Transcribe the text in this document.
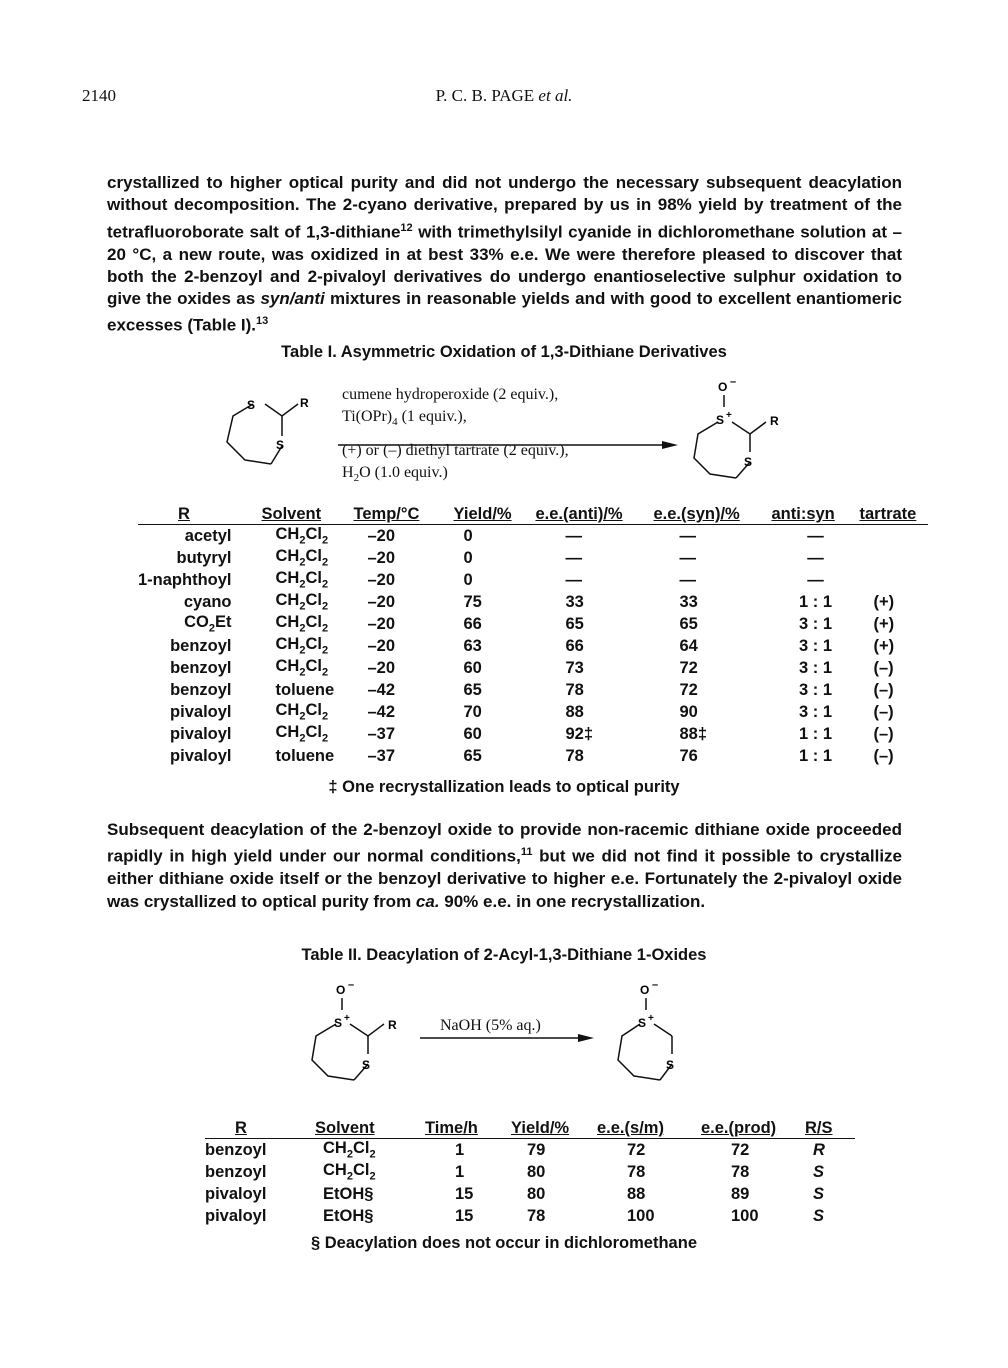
2140	P. C. B. PAGE et al.
crystallized to higher optical purity and did not undergo the necessary subsequent deacylation without decomposition. The 2-cyano derivative, prepared by us in 98% yield by treatment of the tetrafluoroborate salt of 1,3-dithiane$^{12}$ with trimethylsilyl cyanide in dichloromethane solution at –20 °C, a new route, was oxidized in at best 33% e.e. We were therefore pleased to discover that both the 2-benzoyl and 2-pivaloyl derivatives do undergo enantioselective sulphur oxidation to give the oxides as syn/anti mixtures in reasonable yields and with good to excellent enantiomeric excesses (Table I).$^{13}$
Table I. Asymmetric Oxidation of 1,3-Dithiane Derivatives
S	R
S
O –
S +	R
S
cumene hydroperoxide (2 equiv.),
$Ti(OPr)_4$ (1 equiv.),
(+) or (–) diethyl tartrate (2 equiv.),
$H_2O$ (1.0 equiv.)
R	Solvent	Temp/°C	Yield/%	e.e.(anti)/%	e.e.(syn)/%	anti:syn	tartrate
acetyl	$CH_2Cl_2$	–20	0	—	—	—	
butyryl	$CH_2Cl_2$	–20	0	—	—	—	
1-naphthoyl	$CH_2Cl_2$	–20	0	—	—	—	
cyano	$CH_2Cl_2$	–20	75	33	33	1 : 1	(+)
$CO_2Et$	$CH_2Cl_2$	–20	66	65	65	3 : 1	(+)
benzoyl	$CH_2Cl_2$	–20	63	66	64	3 : 1	(+)
benzoyl	$CH_2Cl_2$	–20	60	73	72	3 : 1	(–)
benzoyl	toluene	–42	65	78	72	3 : 1	(–)
pivaloyl	$CH_2Cl_2$	–42	70	88	90	3 : 1	(–)
pivaloyl	$CH_2Cl_2$	–37	60	92‡	88‡	1 : 1	(–)
pivaloyl	toluene	–37	65	78	76	1 : 1	(–)
‡ One recrystallization leads to optical purity
Subsequent deacylation of the 2-benzoyl oxide to provide non-racemic dithiane oxide proceeded rapidly in high yield under our normal conditions,$^{11}$ but we did not find it possible to crystallize either dithiane oxide itself or the benzoyl derivative to higher e.e. Fortunately the 2-pivaloyl oxide was crystallized to optical purity from ca. 90% e.e. in one recrystallization.
Table II. Deacylation of 2-Acyl-1,3-Dithiane 1-Oxides
O –
S +	R
S
O –
S +
S
NaOH (5% aq.)
R	Solvent	Time/h	Yield/%	e.e.(s/m)	e.e.(prod)	R/S
benzoyl	$CH_2Cl_2$	1	79	72	72	R
benzoyl	$CH_2Cl_2$	1	80	78	78	S
pivaloyl	EtOH§	15	80	88	89	S
pivaloyl	EtOH§	15	78	100	100	S
§ Deacylation does not occur in dichloromethane
